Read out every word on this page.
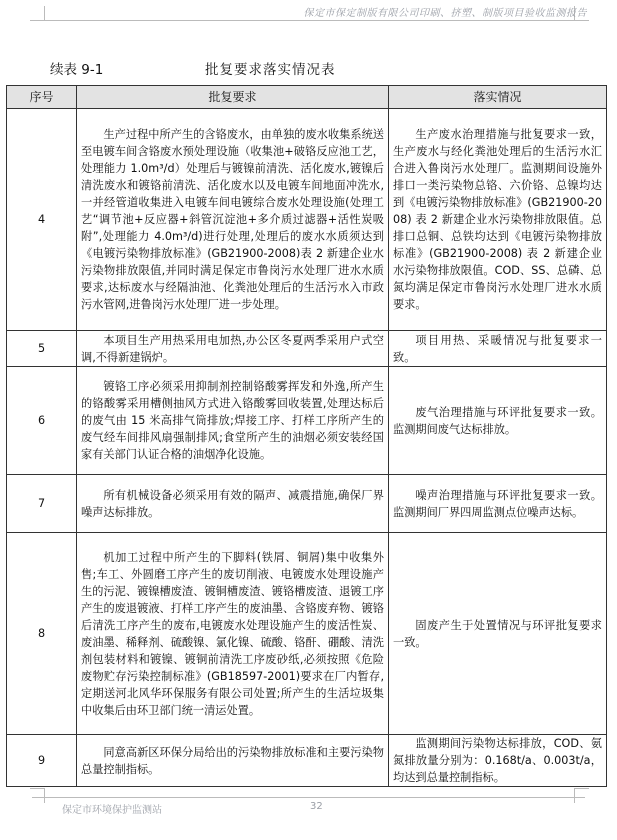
保定市保定制版有限公司印刷、挤塑、制版项目验收监测报告
续表 9-1	批复要求落实情况表
序号	批复要求	落实情况
4	生产过程中所产生的含铬废水，由单独的废水收集系统送至电镀车间含铬废水预处理设施（收集池+破铬反应池工艺，处理能力 1.0m³/d）处理后与镀镍前清洗、活化废水,镀镍后清洗废水和镀铬前清洗、活化废水以及电镀车间地面冲洗水,一并经管道收集进入电镀车间电镀综合废水处理设施(处理工艺“调节池+反应器+斜管沉淀池+多介质过滤器+活性炭吸附”,处理能力 4.0m³/d)进行处理,处理后的废水水质须达到《电镀污染物排放标准》(GB21900-2008)表 2 新建企业水污染物排放限值,并同时满足保定市鲁岗污水处理厂进水水质要求,达标废水与经隔油池、化粪池处理后的生活污水入市政污水管网,进鲁岗污水处理厂进一步处理。	生产废水治理措施与批复要求一致，生产废水与经化粪池处理后的生活污水汇合进入鲁岗污水处理厂。监测期间设施外排口一类污染物总铬、六价铬、总镍均达到《电镀污染物排放标准》(GB21900-2008) 表 2 新建企业水污染物排放限值。总排口总铜、总铁均达到《电镀污染物排放标准》(GB21900-2008) 表 2 新建企业水污染物排放限值。COD、SS、总磷、总氮均满足保定市鲁岗污水处理厂进水水质要求。
5	本项目生产用热采用电加热,办公区冬夏两季采用户式空调,不得新建锅炉。	项目用热、采暖情况与批复要求一致。
6	镀铬工序必须采用抑制剂控制铬酸雾挥发和外逸,所产生的铬酸雾采用槽侧抽风方式进入铬酸雾回收装置,处理达标后的废气由 15 米高排气筒排放;焊接工序、打样工序所产生的废气经车间排风扇强制排风;食堂所产生的油烟必须安装经国家有关部门认证合格的油烟净化设施。	废气治理措施与环评批复要求一致。监测期间废气达标排放。
7	所有机械设备必须采用有效的隔声、减震措施,确保厂界噪声达标排放。	噪声治理措施与环评批复要求一致。监测期间厂界四周监测点位噪声达标。
8	机加工过程中所产生的下脚料(铁屑、铜屑)集中收集外售;车工、外圆磨工序产生的废切削液、电镀废水处理设施产生的污泥、镀镍槽废渣、镀铜槽废渣、镀铬槽废渣、退镀工序产生的废退镀液、打样工序产生的废油墨、含铬废弃物、镀铬后清洗工序产生的废布,电镀废水处理设施产生的废活性炭、废油墨、稀释剂、硫酸镍、氯化镍、硫酸、铬酐、硼酸、清洗剂包装材料和镀镍、镀铜前清洗工序废砂纸,必须按照《危险废物贮存污染控制标准》(GB18597-2001)要求在厂内暂存,定期送河北风华环保服务有限公司处置;所产生的生活垃圾集中收集后由环卫部门统一清运处置。	固废产生于处置情况与环评批复要求一致。
9	同意高新区环保分局给出的污染物排放标准和主要污染物总量控制指标。	监测期间污染物达标排放，COD、氨氮排放量分别为：0.168t/a、0.003t/a，均达到总量控制指标。
保定市环境保护监测站	32
